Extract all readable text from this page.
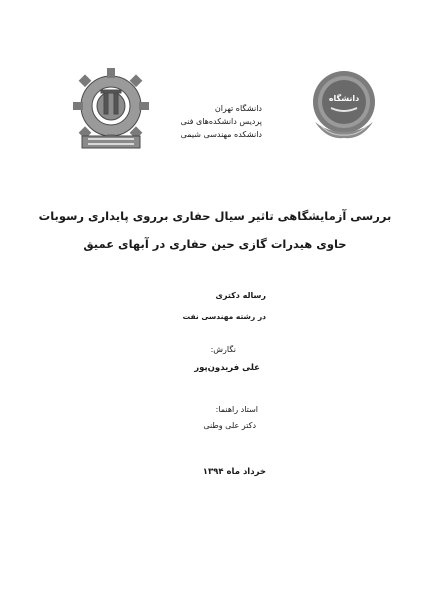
دانشگاه
دانشگاه تهران
پردیس دانشکده‌های فنی
دانشکده مهندسی شیمی
بررسی آزمایشگاهی تاثیر سیال حفاری برروی پایداری رسوبات
حاوی هیدرات گازی حین حفاری در آبهای عمیق
رساله دکتری
در رشته مهندسی نفت
نگارش:
علی فریدون‌پور
استاد راهنما:
دکتر علی وطنی
خرداد ماه ۱۳۹۴
